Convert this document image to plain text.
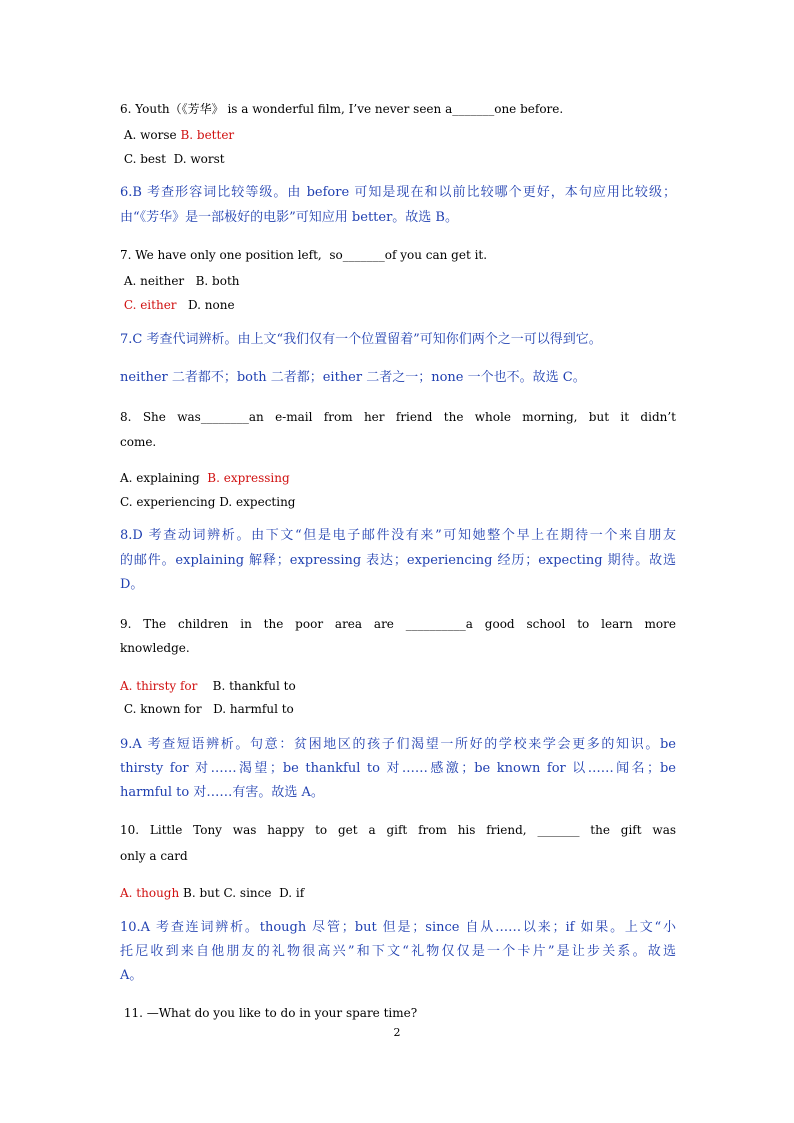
6. Youth（《芳华》 is a wonderful film, I’ve never seen a_______one before.
A. worse B. better
C. best  D. worst
6.B 考查形容词比较等级。由 before 可知是现在和以前比较哪个更好，本句应用比较级；
由“《芳华》是一部极好的电影”可知应用 better。故选 B。
7. We have only one position left,  so_______of you can get it.
A. neither   B. both
C. either   D. none
7.C 考查代词辨析。由上文“我们仅有一个位置留着”可知你们两个之一可以得到它。
neither 二者都不；both 二者都；either 二者之一；none 一个也不。故选 C。
8. She was________an e-mail from her friend the whole morning, but it didn’t
come.
A. explaining  B. expressing
C. experiencing D. expecting
8.D 考查动词辨析。由下文“但是电子邮件没有来”可知她整个早上在期待一个来自朋友
的邮件。explaining 解释；expressing 表达；experiencing 经历；expecting 期待。故选
D。
9. The children in the poor area are __________a good school to learn more
knowledge.
A. thirsty for    B. thankful to
C. known for   D. harmful to
9.A 考查短语辨析。句意：贫困地区的孩子们渴望一所好的学校来学会更多的知识。be
thirsty for 对……渴望；be thankful to 对……感激；be known for 以……闻名；be
harmful to 对……有害。故选 A。
10. Little Tony was happy to get a gift from his friend, _______ the gift was
only a card
A. though B. but C. since  D. if
10.A 考查连词辨析。though 尽管；but 但是；since 自从……以来；if 如果。上文“小
托尼收到来自他朋友的礼物很高兴”和下文“礼物仅仅是一个卡片”是让步关系。故选
A。
11. —What do you like to do in your spare time?
2
